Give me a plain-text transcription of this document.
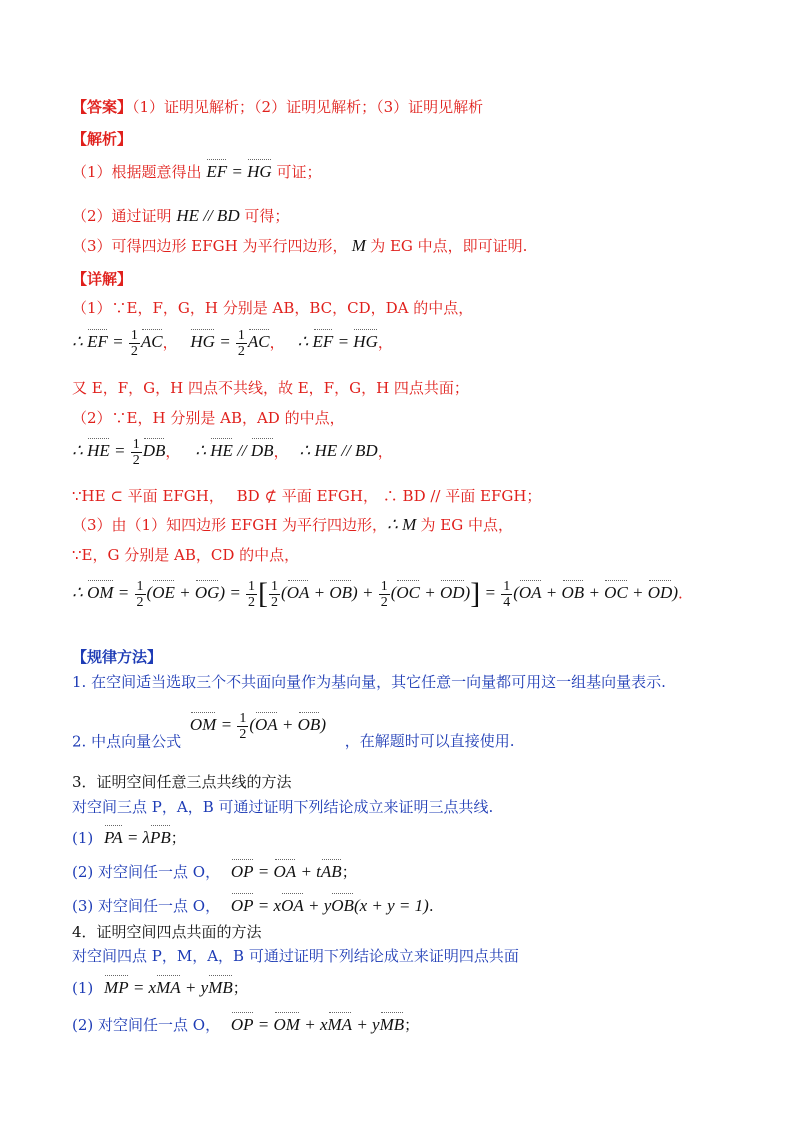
【答案】（1）证明见解析；（2）证明见解析；（3）证明见解析
【解析】
（1）根据题意得出 EF = HG 可证；
（2）通过证明 HE // BD 可得；
（3）可得四边形 EFGH 为平行四边形， M 为 EG 中点，即可证明.
【详解】
（1）∵E，F，G，H 分别是 AB，BC，CD，DA 的中点，
∴ EF = $\frac{1}{2}$ AC， HG = $\frac{1}{2}$ AC， ∴ EF = HG，
又 E，F，G，H 四点不共线，故 E，F，G，H 四点共面；
（2）∵E，H 分别是 AB，AD 的中点，
∴ HE = $\frac{1}{2}$ DB， ∴ HE // DB， ∴ HE // BD，
∵HE ⊂ 平面 EFGH， BD ⊄ 平面 EFGH， ∴ BD // 平面 EFGH；
（3）由（1）知四边形 EFGH 为平行四边形，∴ M 为 EG 中点，
∵E，G 分别是 AB，CD 的中点，
∴ OM = $\frac{1}{2} (OE + OG) = \frac{1}{2}$ [ $\frac{1}{2} (OA + OB) + \frac{1}{2} (OC + OD)] = \frac{1}{4} (OA$ + OB + OC + OD).
【规律方法】
1. 在空间适当选取三个不共面向量作为基向量，其它任意一向量都可用这一组基向量表示.
2. 中点向量公式 OM = $\frac{1}{2} (OA + OB)$ ，在解题时可以直接使用.
3．证明空间任意三点共线的方法
对空间三点 P，A，B 可通过证明下列结论成立来证明三点共线.
(1) PA = λPB；
(2) 对空间任一点 O， OP = OA + tAB；
(3) 对空间任一点 O， OP = xOA + yOB(x + y = 1).
4．证明空间四点共面的方法
对空间四点 P，M，A，B 可通过证明下列结论成立来证明四点共面
(1) MP = xMA + yMB；
(2) 对空间任一点 O， OP = OM + xMA + yMB；
